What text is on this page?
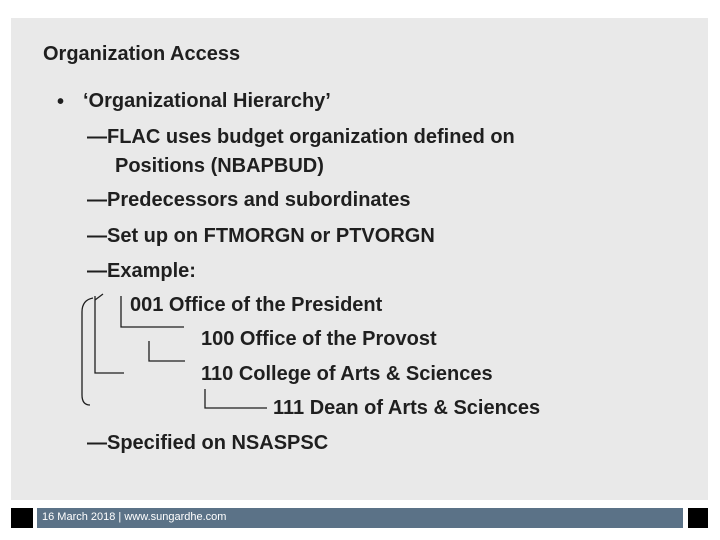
Organization Access
• ‘Organizational Hierarchy’
—FLAC uses budget organization defined on
Positions (NBAPBUD)
—Predecessors and subordinates
—Set up on FTMORGN or PTVORGN
—Example:
001 Office of the President
100 Office of the Provost
110 College of Arts & Sciences
111 Dean of Arts & Sciences
—Specified on NSASPSC
16 March 2018 | www.sungardhe.com
